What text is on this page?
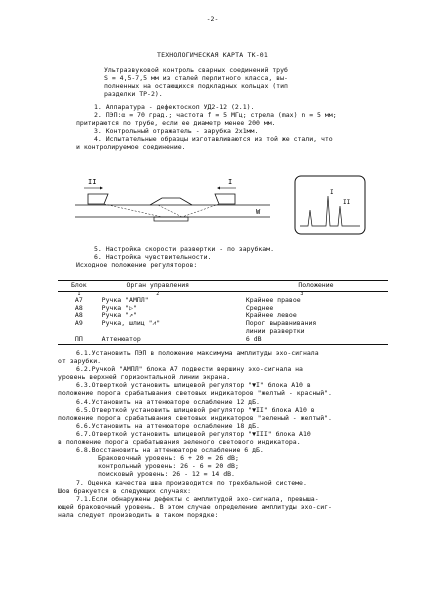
-2-
ТЕХНОЛОГИЧЕСКАЯ КАРТА ТК-01
Ультразвуковой контроль сварных соединений труб
S = 4,5-7,5 мм из сталей перлитного класса, вы-
полненных на остающихся подкладных кольцах (тип
разделки ТР-2).
1. Аппаратура - дефектоскоп УД2-12 (2.1).
2. ПЭП:α = 70 град.; частота f = 5 МГц; стрела (max) n = 5 мм;
притираются по трубе, если ее диаметр менее 200 мм.
3. Контрольный отражатель - зарубка 2х1мм.
4. Испытательные образцы изготавливаются из той же стали, что
и контролируемое соединение.
II	I
W
I
II
5. Настройка скорости развертки - по зарубкам.
6. Настройка чувствительности.
Исходное положение регуляторов:
Блок	Орган управления	Положение
1	2	3
А7	Ручка "АМПЛ"	Крайнее правое
А8	Ручка "▷"	Среднее
А8	Ручка "↗"	Крайнее левое
А9	Ручка, шлиц "⩘"	Порог выравнивания
		линии развертки
ПП	Аттенюатор	6 dB
6.1.Установить ПЭП в положение максимума амплитуды эхо-сигнала
от зарубки.
6.2.Ручкой "АМПЛ" блока А7 подвести вершину эхо-сигнала на
уровень верхней горизонтальной линии экрана.
6.3.Отверткой установить шлицевой регулятор "▼I" блока А10 в
положение порога срабатывания световых индикаторов "желтый - красный".
6.4.Установить на аттенюаторе ослабление 12 дБ.
6.5.Отверткой установить шлицевой регулятор "▼II" блока А10 в
положение порога срабатывания световых индикаторов "зеленый - желтый".
6.6.Установить на аттенюаторе ослабление 18 дБ.
6.7.Отверткой установить шлицевой регулятор "▼III" блока А10
в положение порога срабатывания зеленого светового индикатора.
6.8.Восстановить на аттенюаторе ослабление 6 дБ.
Браковочный уровень: 6 + 20 = 26 dB;
контрольный уровень: 26 - 6 = 20 dB;
поисковый уровень: 26 - 12 = 14 dB.
7. Оценка качества шва производится по трехбальной системе.
Шов бракуется в следующих случаях:
7.1.Если обнаружены дефекты с амплитудой эхо-сигнала, превыша-
ющей браковочный уровень. В этом случае определение амплитуды эхо-сиг-
нала следует производить в таком порядке:
